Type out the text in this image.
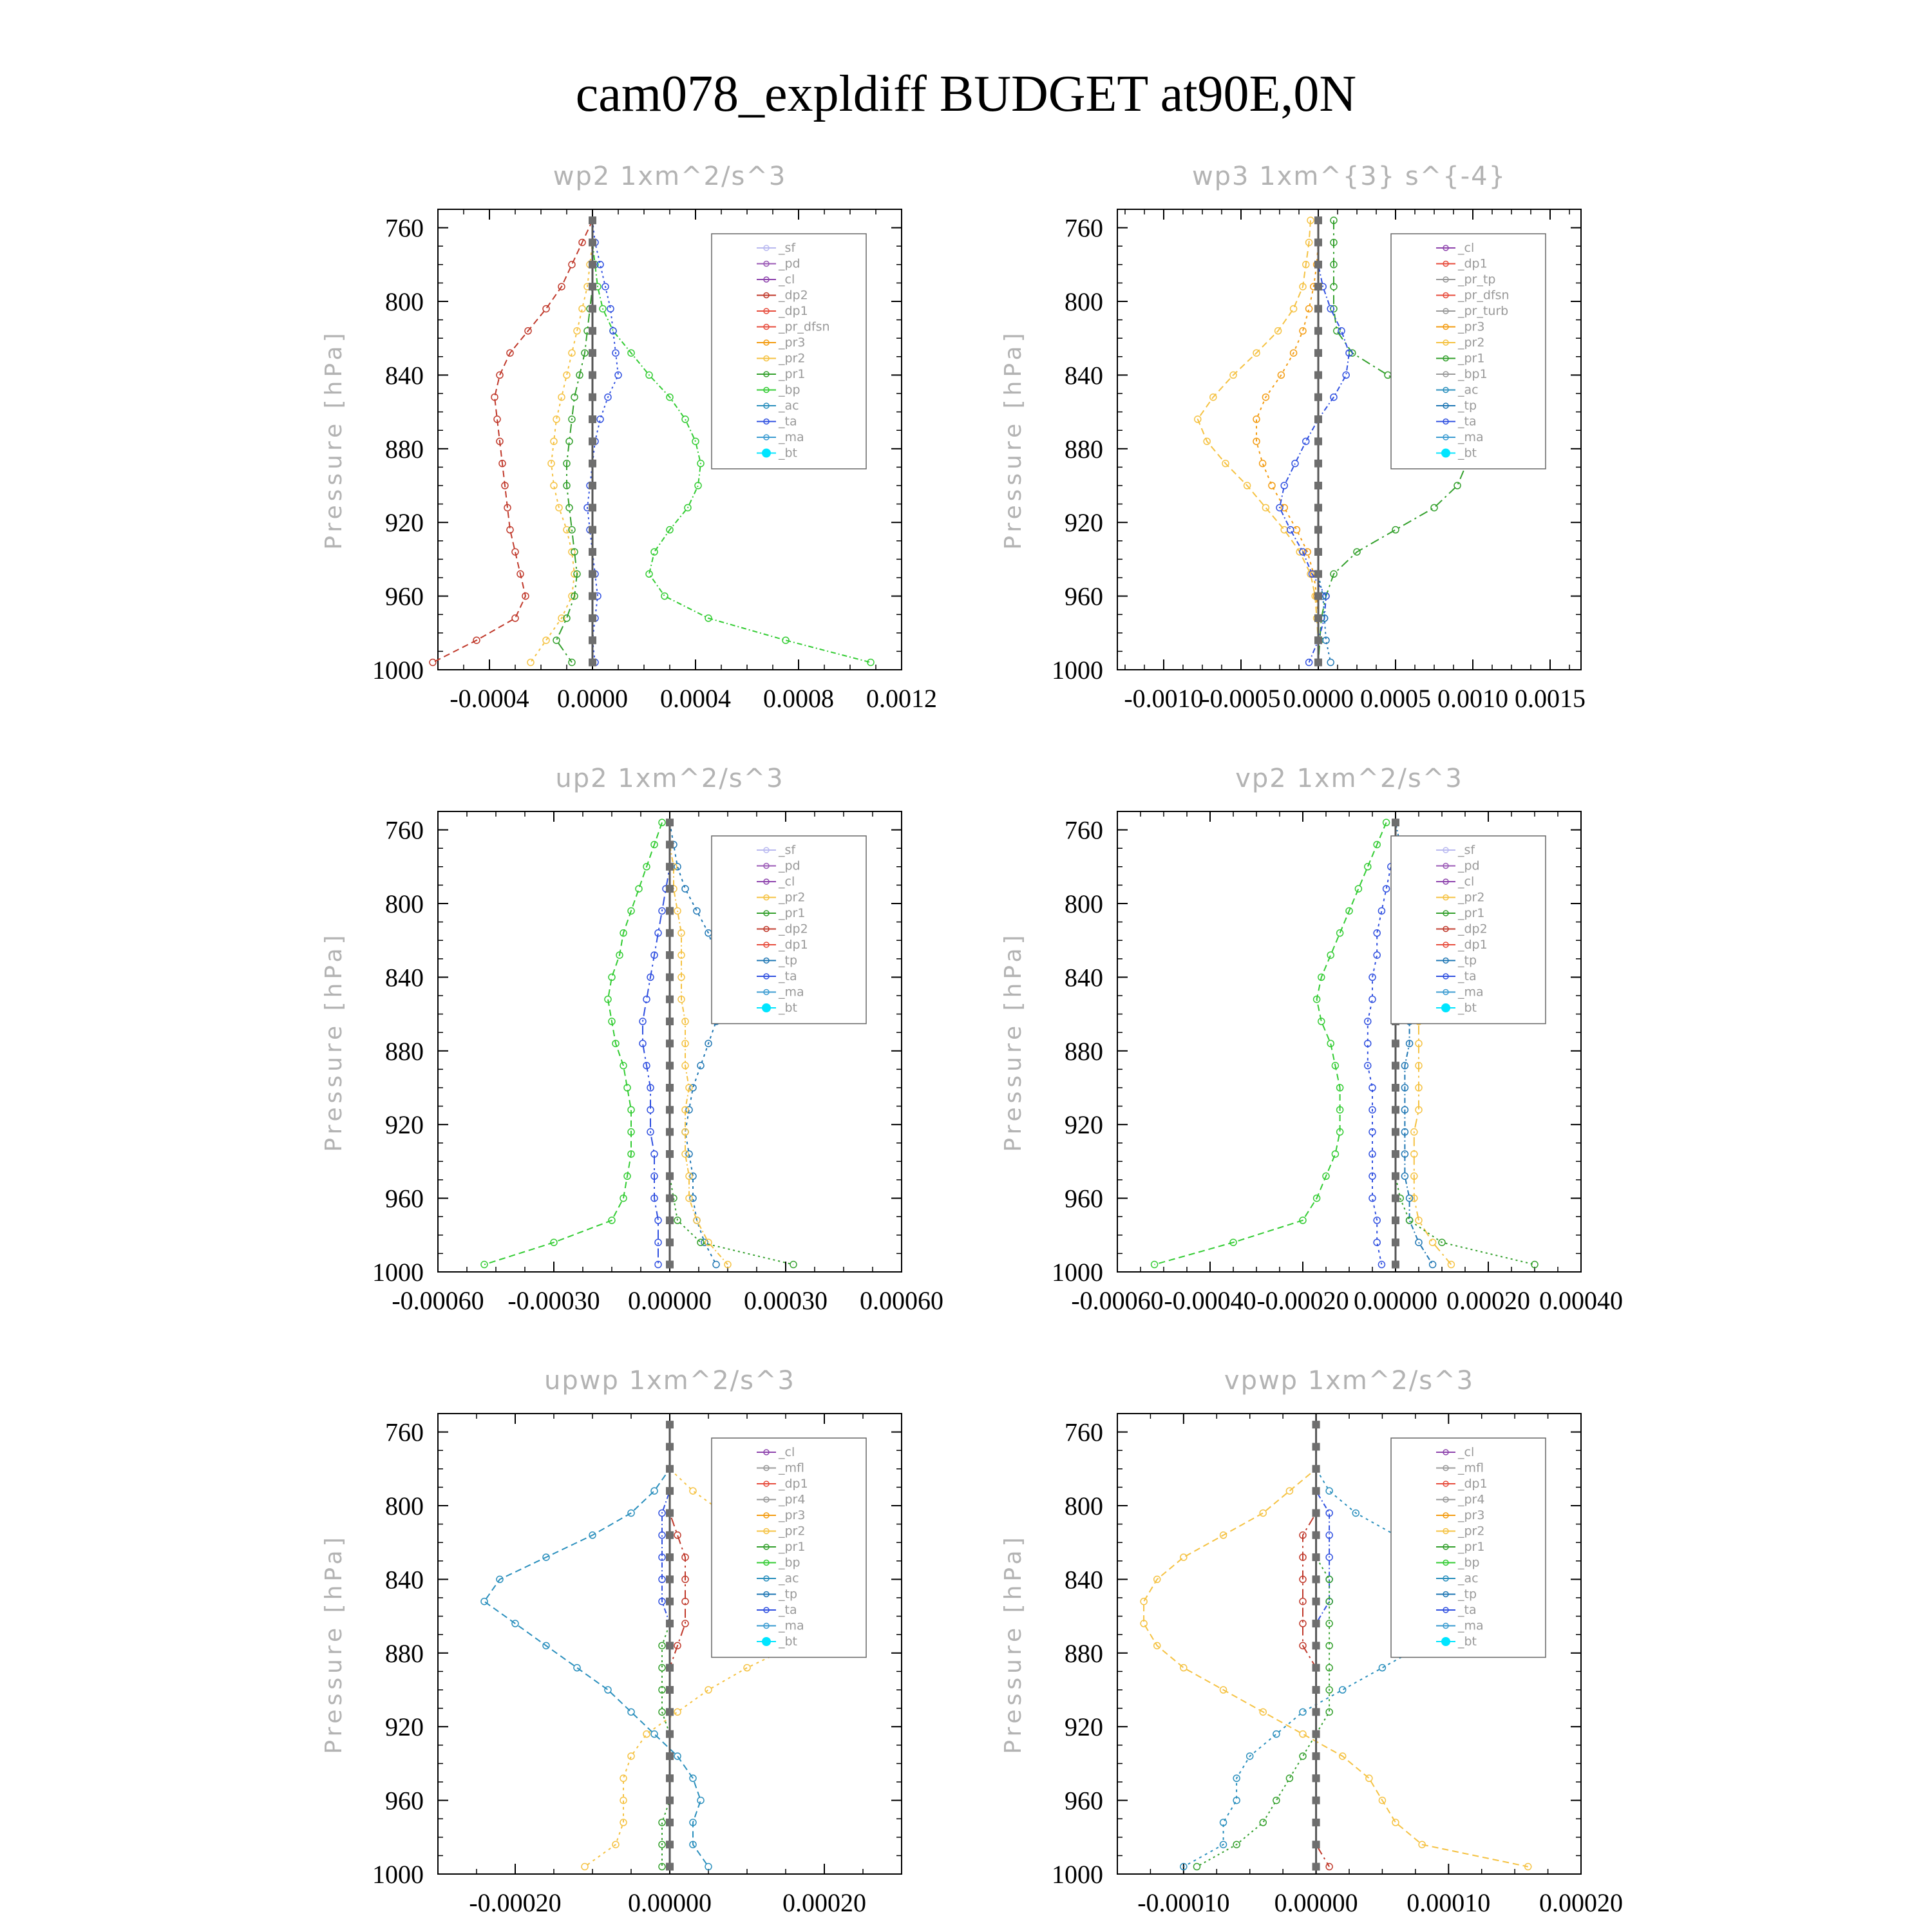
cam078_expldiff BUDGET at90E,0N
wp2 1xm^2/s^3
Pressure [hPa]
760
800
840
880
920
960
1000
-0.0004 0.0000 0.0004 0.0008 0.0012
_sf
_pd
_cl
_dp2
_dp1
_pr_dfsn
_pr3
_pr2
_pr1
_bp
_ac
_ta
_ma
_bt
wp3 1xm^{3} s^{-4}
Pressure [hPa]
760
800
840
880
920
960
1000
-0.0010
-0.0005 0.0000 0.0005 0.0010 0.0015
_cl
_dp1
_pr_tp
_pr_dfsn
_pr_turb
_pr3
_pr2
_pr1
_bp1
_ac
_tp
_ta
_ma
_bt
up2 1xm^2/s^3
Pressure [hPa]
760
800
840
880
920
960
1000
-0.00060 -0.00030 0.00000 0.00030 0.00060
_sf
_pd
_cl
_pr2
_pr1
_dp2
_dp1
_tp
_ta
_ma
_bt
vp2 1xm^2/s^3
Pressure [hPa]
760
800
840
880
920
960
1000
-0.00060 -0.00040 -0.00020 0.00000 0.00020 0.00040
_sf
_pd
_cl
_pr2
_pr1
_dp2
_dp1
_tp
_ta
_ma
_bt
upwp 1xm^2/s^3
Pressure [hPa]
760
800
840
880
920
960
1000
-0.00020	0.00000	0.00020
_cl
_mfl
_dp1
_pr4
_pr3
_pr2
_pr1
_bp
_ac
_tp
_ta
_ma
_bt
vpwp 1xm^2/s^3
Pressure [hPa]
760
800
840
880
920
960
1000
-0.00010 0.00000 0.00010 0.00020
_cl
_mfl
_dp1
_pr4
_pr3
_pr2
_pr1
_bp
_ac
_tp
_ta
_ma
_bt
